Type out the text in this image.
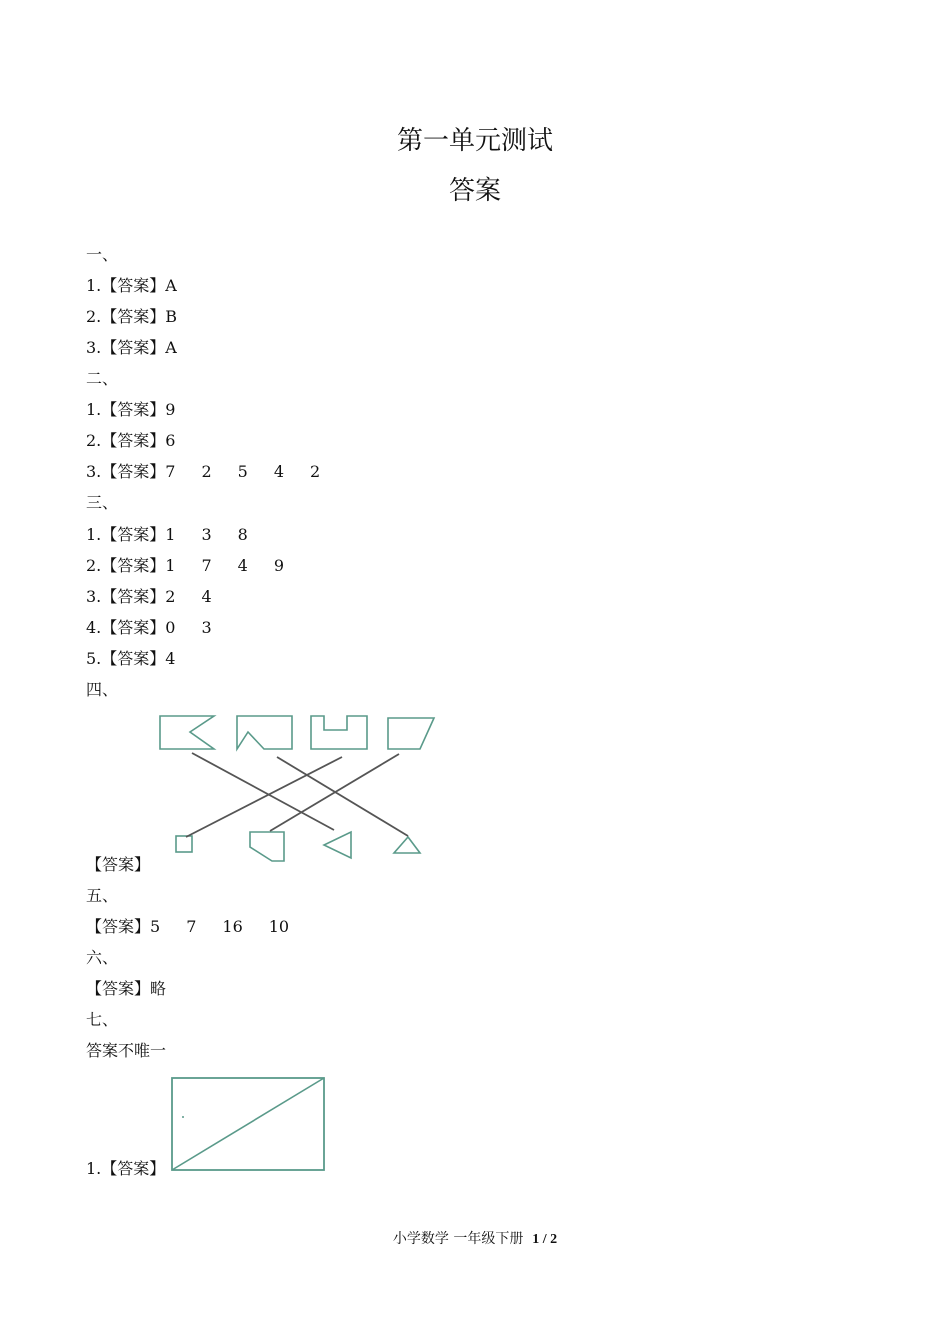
第一单元测试
答案
一、
1.【答案】A
2.【答案】B
3.【答案】A
二、
1.【答案】9
2.【答案】6
3.【答案】7 2 5 4 2
三、
1.【答案】1 3 8
2.【答案】1 7 4 9
3.【答案】2 4
4.【答案】0 3
5.【答案】4
四、
【答案】
五、
【答案】5 7 16 10
六、
【答案】略
七、
答案不唯一
1.【答案】
小学数学 一年级下册 1 / 2
